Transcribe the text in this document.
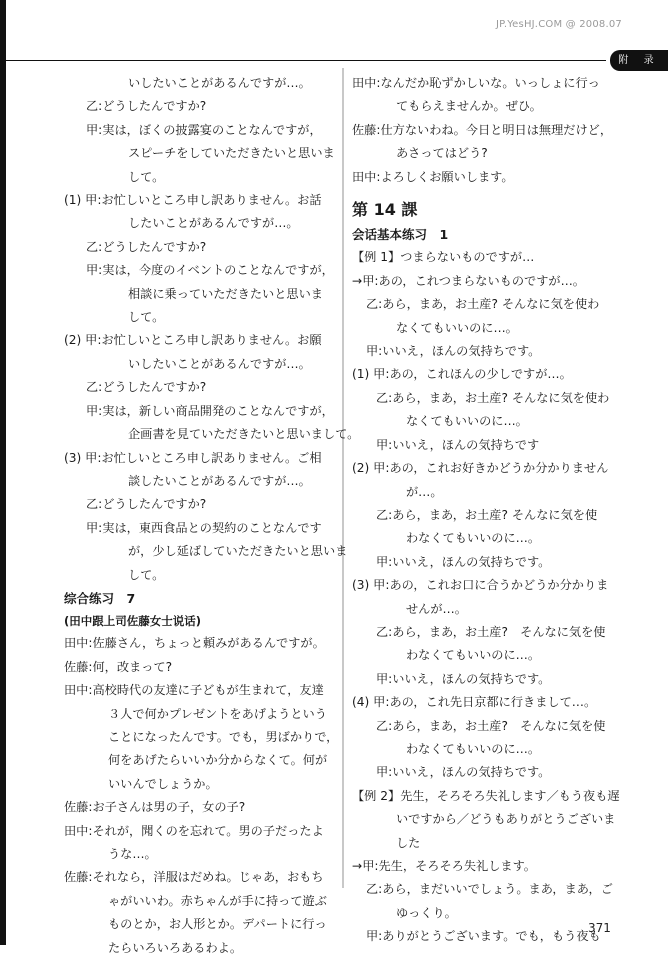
JP.YesHJ.COM @ 2008.07
附 录
いしたいことがあるんですが…。
乙:どうしたんですか?
甲:実は，ぼくの披露宴のことなんですが，
スピーチをしていただきたいと思いま
して。
(1) 甲:お忙しいところ申し訳ありません。お話
したいことがあるんですが…。
乙:どうしたんですか?
甲:実は，今度のイベントのことなんですが，
相談に乗っていただきたいと思いま
して。
(2) 甲:お忙しいところ申し訳ありません。お願
いしたいことがあるんですが…。
乙:どうしたんですか?
甲:実は，新しい商品開発のことなんですが，
企画書を見ていただきたいと思いまして。
(3) 甲:お忙しいところ申し訳ありません。ご相
談したいことがあるんですが…。
乙:どうしたんですか?
甲:実は，東西食品との契約のことなんです
が，少し延ばしていただきたいと思いま
して。
综合练习　7
(田中跟上司佐藤女士说话)
田中:佐藤さん，ちょっと頼みがあるんですが。
佐藤:何，改まって?
田中:高校時代の友達に子どもが生まれて，友達
３人で何かプレゼントをあげようという
ことになったんです。でも，男ばかりで，
何をあげたらいいか分からなくて。何が
いいんでしょうか。
佐藤:お子さんは男の子，女の子?
田中:それが，聞くのを忘れて。男の子だったよ
うな…。
佐藤:それなら，洋服はだめね。じゃあ，おもち
ゃがいいわ。赤ちゃんが手に持って遊ぶ
ものとか，お人形とか。デパートに行っ
たらいろいろあるわよ。
田中:なんだか恥ずかしいな。いっしょに行っ
てもらえませんか。ぜひ。
佐藤:仕方ないわね。今日と明日は無理だけど，
あさってはどう?
田中:よろしくお願いします。
第 14 課
会话基本练习　1
【例 1】つまらないものですが…
→甲:あの，これつまらないものですが…。
乙:あら，まあ，お土産? そんなに気を使わ
なくてもいいのに…。
甲:いいえ，ほんの気持ちです。
(1) 甲:あの，これほんの少しですが…。
乙:あら，まあ，お土産? そんなに気を使わ
なくてもいいのに…。
甲:いいえ，ほんの気持ちです
(2) 甲:あの，これお好きかどうか分かりません
が…。
乙:あら，まあ，お土産? そんなに気を使
わなくてもいいのに…。
甲:いいえ，ほんの気持ちです。
(3) 甲:あの，これお口に合うかどうか分かりま
せんが…。
乙:あら，まあ，お土産?　そんなに気を使
わなくてもいいのに…。
甲:いいえ，ほんの気持ちです。
(4) 甲:あの，これ先日京都に行きまして…。
乙:あら，まあ，お土産?　そんなに気を使
わなくてもいいのに…。
甲:いいえ，ほんの気持ちです。
【例 2】先生，そろそろ失礼します／もう夜も遅
いですから／どうもありがとうございま
した
→甲:先生，そろそろ失礼します。
乙:あら，まだいいでしょう。まあ，まあ，ご
ゆっくり。
甲:ありがとうございます。でも，もう夜も
371
